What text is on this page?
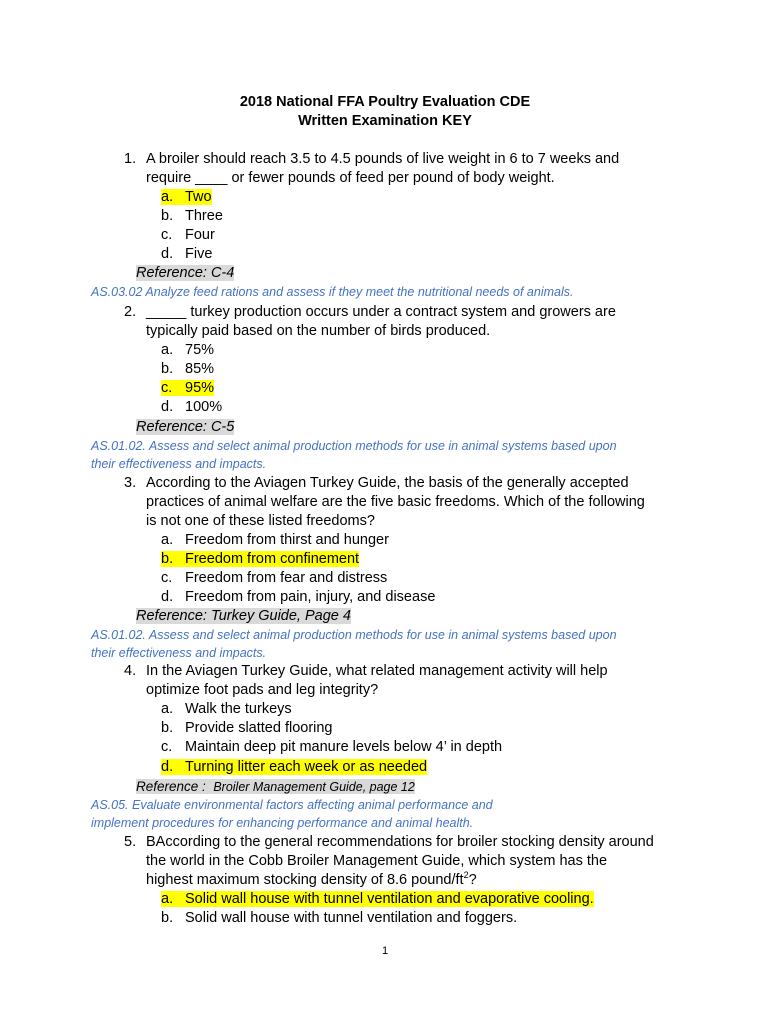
2018 National FFA Poultry Evaluation CDE
Written Examination KEY
1. A broiler should reach 3.5 to 4.5 pounds of live weight in 6 to 7 weeks and
require ____ or fewer pounds of feed per pound of body weight.
a. Two
b. Three
c. Four
d. Five
Reference: C-4
AS.03.02 Analyze feed rations and assess if they meet the nutritional needs of animals.
2. _____ turkey production occurs under a contract system and growers are
typically paid based on the number of birds produced.
a. 75%
b. 85%
c. 95%
d. 100%
Reference: C-5
AS.01.02. Assess and select animal production methods for use in animal systems based upon
their effectiveness and impacts.
3. According to the Aviagen Turkey Guide, the basis of the generally accepted
practices of animal welfare are the five basic freedoms. Which of the following
is not one of these listed freedoms?
a. Freedom from thirst and hunger
b. Freedom from confinement
c. Freedom from fear and distress
d. Freedom from pain, injury, and disease
Reference: Turkey Guide, Page 4
AS.01.02. Assess and select animal production methods for use in animal systems based upon
their effectiveness and impacts.
4. In the Aviagen Turkey Guide, what related management activity will help
optimize foot pads and leg integrity?
a. Walk the turkeys
b. Provide slatted flooring
c. Maintain deep pit manure levels below 4’ in depth
d. Turning litter each week or as needed
Reference : Broiler Management Guide, page 12
AS.05. Evaluate environmental factors affecting animal performance and
implement procedures for enhancing performance and animal health.
5. BAccording to the general recommendations for broiler stocking density around
the world in the Cobb Broiler Management Guide, which system has the
highest maximum stocking density of 8.6 pound/$ft^2$?
a. Solid wall house with tunnel ventilation and evaporative cooling.
b. Solid wall house with tunnel ventilation and foggers.
1
